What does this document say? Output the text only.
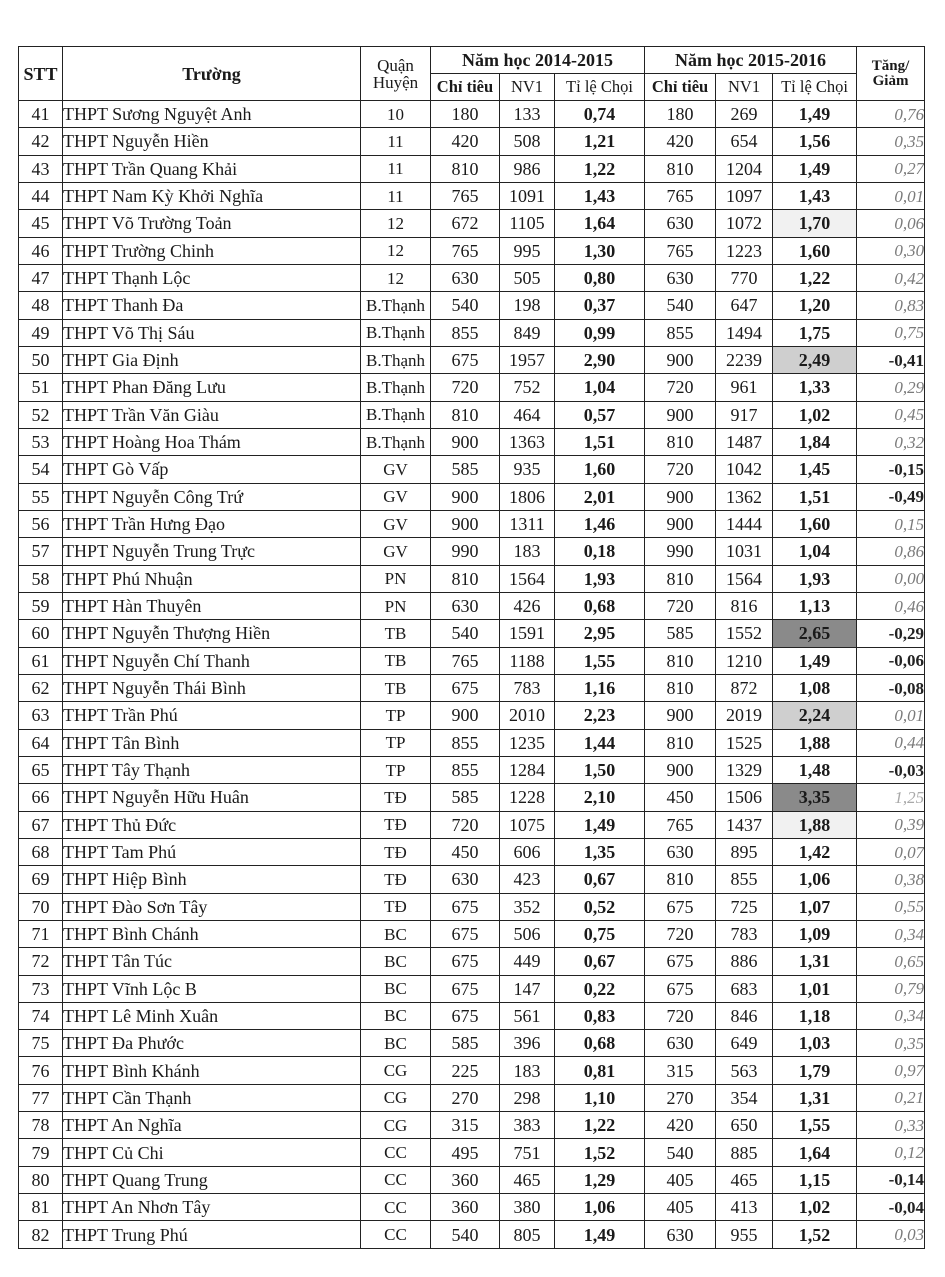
STT	Trường	Quận
Huyện	Năm học 2014-2015			Năm học 2015-2016			Tăng/
Giảm

			Chỉ tiêu	NV1	Tỉ lệ Chọi	Chỉ tiêu	NV1	Tỉ lệ Chọi	
41	THPT Sương Nguyệt Anh	10	180	133	0,74	180	269	1,49	0,76
42	THPT Nguyễn Hiền	11	420	508	1,21	420	654	1,56	0,35
43	THPT Trần Quang Khải	11	810	986	1,22	810	1204	1,49	0,27
44	THPT Nam Kỳ Khởi Nghĩa	11	765	1091	1,43	765	1097	1,43	0,01
45	THPT Võ Trường Toản	12	672	1105	1,64	630	1072	1,70	0,06
46	THPT Trường Chinh	12	765	995	1,30	765	1223	1,60	0,30
47	THPT Thạnh Lộc	12	630	505	0,80	630	770	1,22	0,42
48	THPT Thanh Đa	B.Thạnh	540	198	0,37	540	647	1,20	0,83
49	THPT Võ Thị Sáu	B.Thạnh	855	849	0,99	855	1494	1,75	0,75
50	THPT Gia Định	B.Thạnh	675	1957	2,90	900	2239	2,49	-0,41
51	THPT Phan Đăng Lưu	B.Thạnh	720	752	1,04	720	961	1,33	0,29
52	THPT Trần Văn Giàu	B.Thạnh	810	464	0,57	900	917	1,02	0,45
53	THPT Hoàng Hoa Thám	B.Thạnh	900	1363	1,51	810	1487	1,84	0,32
54	THPT Gò Vấp	GV	585	935	1,60	720	1042	1,45	-0,15
55	THPT Nguyễn Công Trứ	GV	900	1806	2,01	900	1362	1,51	-0,49
56	THPT Trần Hưng Đạo	GV	900	1311	1,46	900	1444	1,60	0,15
57	THPT Nguyễn Trung Trực	GV	990	183	0,18	990	1031	1,04	0,86
58	THPT Phú Nhuận	PN	810	1564	1,93	810	1564	1,93	0,00
59	THPT Hàn Thuyên	PN	630	426	0,68	720	816	1,13	0,46
60	THPT Nguyễn Thượng Hiền	TB	540	1591	2,95	585	1552	2,65	-0,29
61	THPT Nguyễn Chí Thanh	TB	765	1188	1,55	810	1210	1,49	-0,06
62	THPT Nguyễn Thái Bình	TB	675	783	1,16	810	872	1,08	-0,08
63	THPT Trần Phú	TP	900	2010	2,23	900	2019	2,24	0,01
64	THPT Tân Bình	TP	855	1235	1,44	810	1525	1,88	0,44
65	THPT Tây Thạnh	TP	855	1284	1,50	900	1329	1,48	-0,03
66	THPT Nguyễn Hữu Huân	TĐ	585	1228	2,10	450	1506	3,35	1,25
67	THPT Thủ Đức	TĐ	720	1075	1,49	765	1437	1,88	0,39
68	THPT Tam Phú	TĐ	450	606	1,35	630	895	1,42	0,07
69	THPT Hiệp Bình	TĐ	630	423	0,67	810	855	1,06	0,38
70	THPT Đào Sơn Tây	TĐ	675	352	0,52	675	725	1,07	0,55
71	THPT Bình Chánh	BC	675	506	0,75	720	783	1,09	0,34
72	THPT Tân Túc	BC	675	449	0,67	675	886	1,31	0,65
73	THPT Vĩnh Lộc B	BC	675	147	0,22	675	683	1,01	0,79
74	THPT Lê Minh Xuân	BC	675	561	0,83	720	846	1,18	0,34
75	THPT Đa Phước	BC	585	396	0,68	630	649	1,03	0,35
76	THPT Bình Khánh	CG	225	183	0,81	315	563	1,79	0,97
77	THPT Cần Thạnh	CG	270	298	1,10	270	354	1,31	0,21
78	THPT An Nghĩa	CG	315	383	1,22	420	650	1,55	0,33
79	THPT Củ Chi	CC	495	751	1,52	540	885	1,64	0,12
80	THPT Quang Trung	CC	360	465	1,29	405	465	1,15	-0,14
81	THPT An Nhơn Tây	CC	360	380	1,06	405	413	1,02	-0,04
82	THPT Trung Phú	CC	540	805	1,49	630	955	1,52	0,03
